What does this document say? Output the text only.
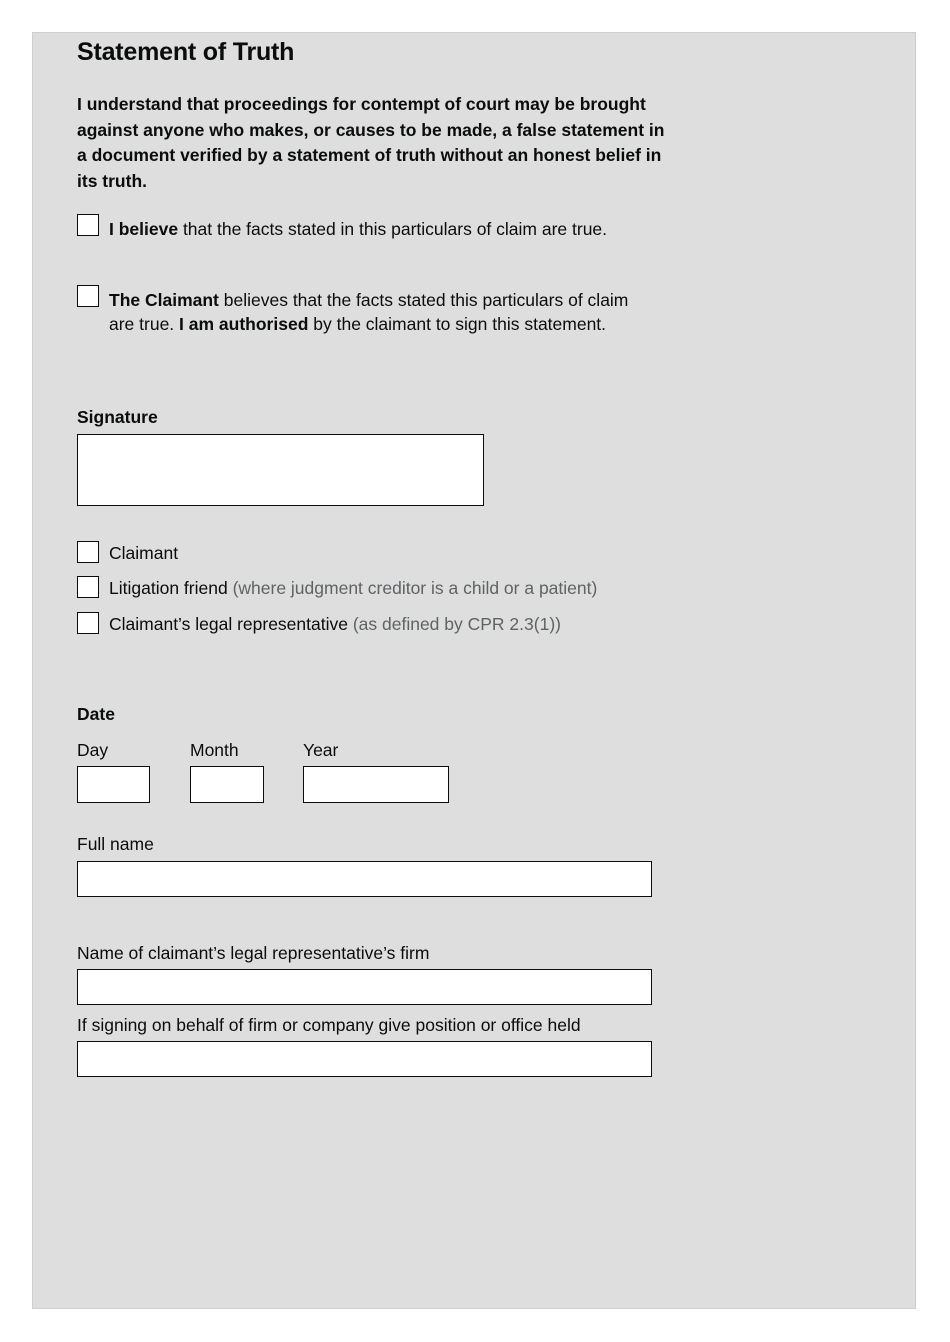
Statement of Truth

I understand that proceedings for contempt of court may be brought against anyone who makes, or causes to be made, a false statement in a document verified by a statement of truth without an honest belief in its truth.

I believe that the facts stated in this particulars of claim are true.
The Claimant believes that the facts stated this particulars of claim are true. I am authorised by the claimant to sign this statement.
Signature
Claimant
Litigation friend (where judgment creditor is a child or a patient)
Claimant’s legal representative (as defined by CPR 2.3(1))
Date
Day	Month	Year
Full name
Name of claimant’s legal representative’s firm
If signing on behalf of firm or company give position or office held
